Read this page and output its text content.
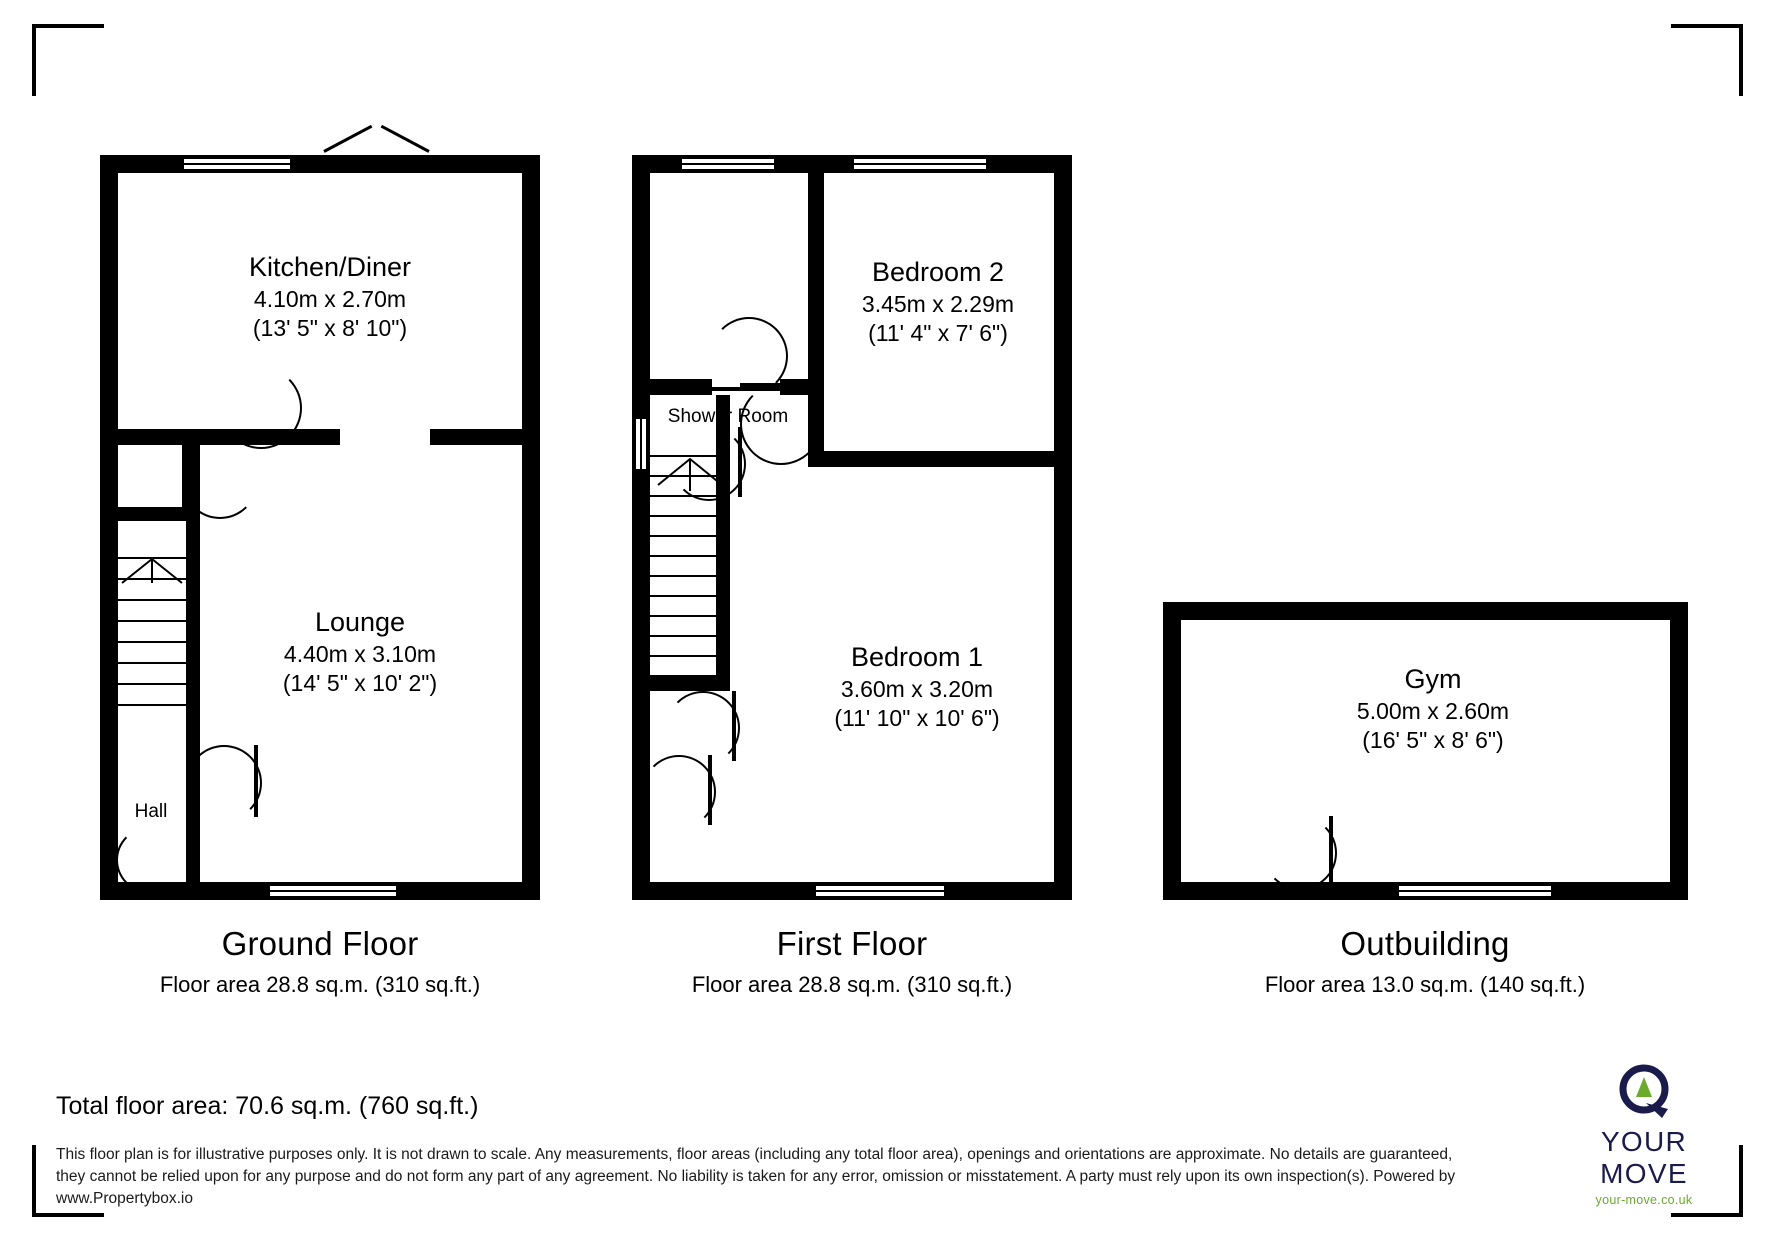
Kitchen/Diner
4.10m x 2.70m
(13' 5" x 8' 10")
Lounge
4.40m x 3.10m
(14' 5" x 10' 2")
Hall
Ground Floor
Floor area 28.8 sq.m. (310 sq.ft.)
Shower Room
Bedroom 2
3.45m x 2.29m
(11' 4" x 7' 6")
Bedroom 1
3.60m x 3.20m
(11' 10" x 10' 6")
First Floor
Floor area 28.8 sq.m. (310 sq.ft.)
Gym
5.00m x 2.60m
(16' 5" x 8' 6")
Outbuilding
Floor area 13.0 sq.m. (140 sq.ft.)
Total floor area: 70.6 sq.m. (760 sq.ft.)
This floor plan is for illustrative purposes only. It is not drawn to scale. Any measurements, floor areas (including any total floor area), openings and orientations are approximate. No details are guaranteed, they cannot be relied upon for any purpose and do not form any part of any agreement. No liability is taken for any error, omission or misstatement. A party must rely upon its own inspection(s). Powered by www.Propertybox.io
YOUR MOVE
your-move.co.uk
